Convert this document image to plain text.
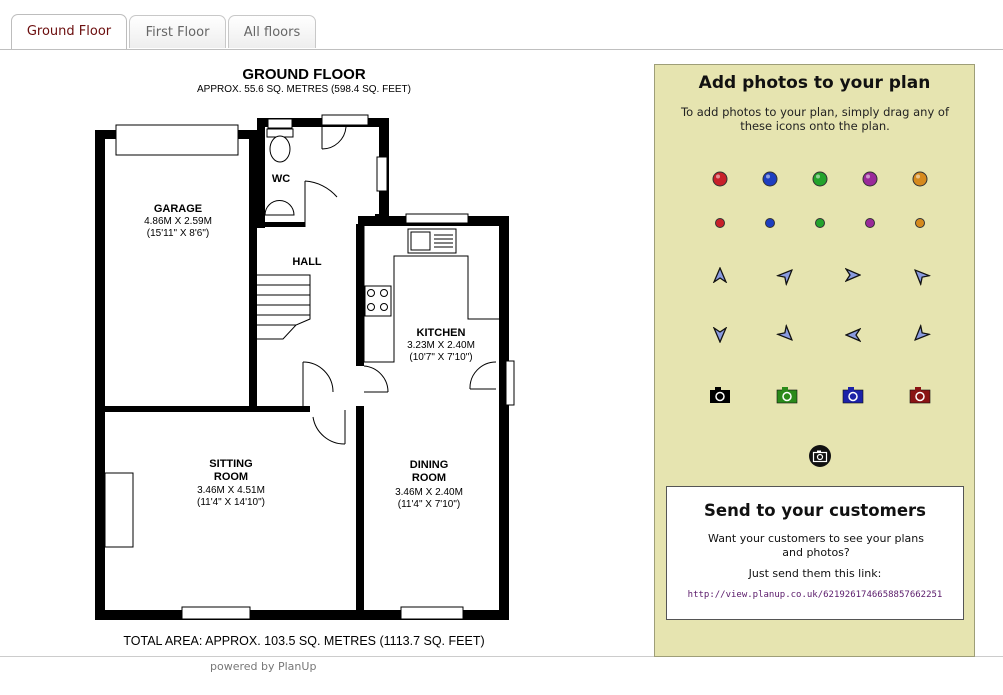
Ground Floor	First Floor	All floors
GROUND FLOOR
APPROX. 55.6 SQ. METRES (598.4 SQ. FEET)
GARAGE
4.86M X 2.59M
(15'11" X 8'6")
WC
HALL
KITCHEN
3.23M X 2.40M
(10'7" X 7'10")
SITTING
ROOM
3.46M X 4.51M
(11'4" X 14'10")
DINING
ROOM
3.46M X 2.40M
(11'4" X 7'10")
TOTAL AREA: APPROX. 103.5 SQ. METRES (1113.7 SQ. FEET)
powered by PlanUp
Add photos to your plan
To add photos to your plan, simply drag any of these icons onto the plan.
Send to your customers
Want your customers to see your plans and photos?
Just send them this link:
http://view.planup.co.uk/6219261746658857662251
